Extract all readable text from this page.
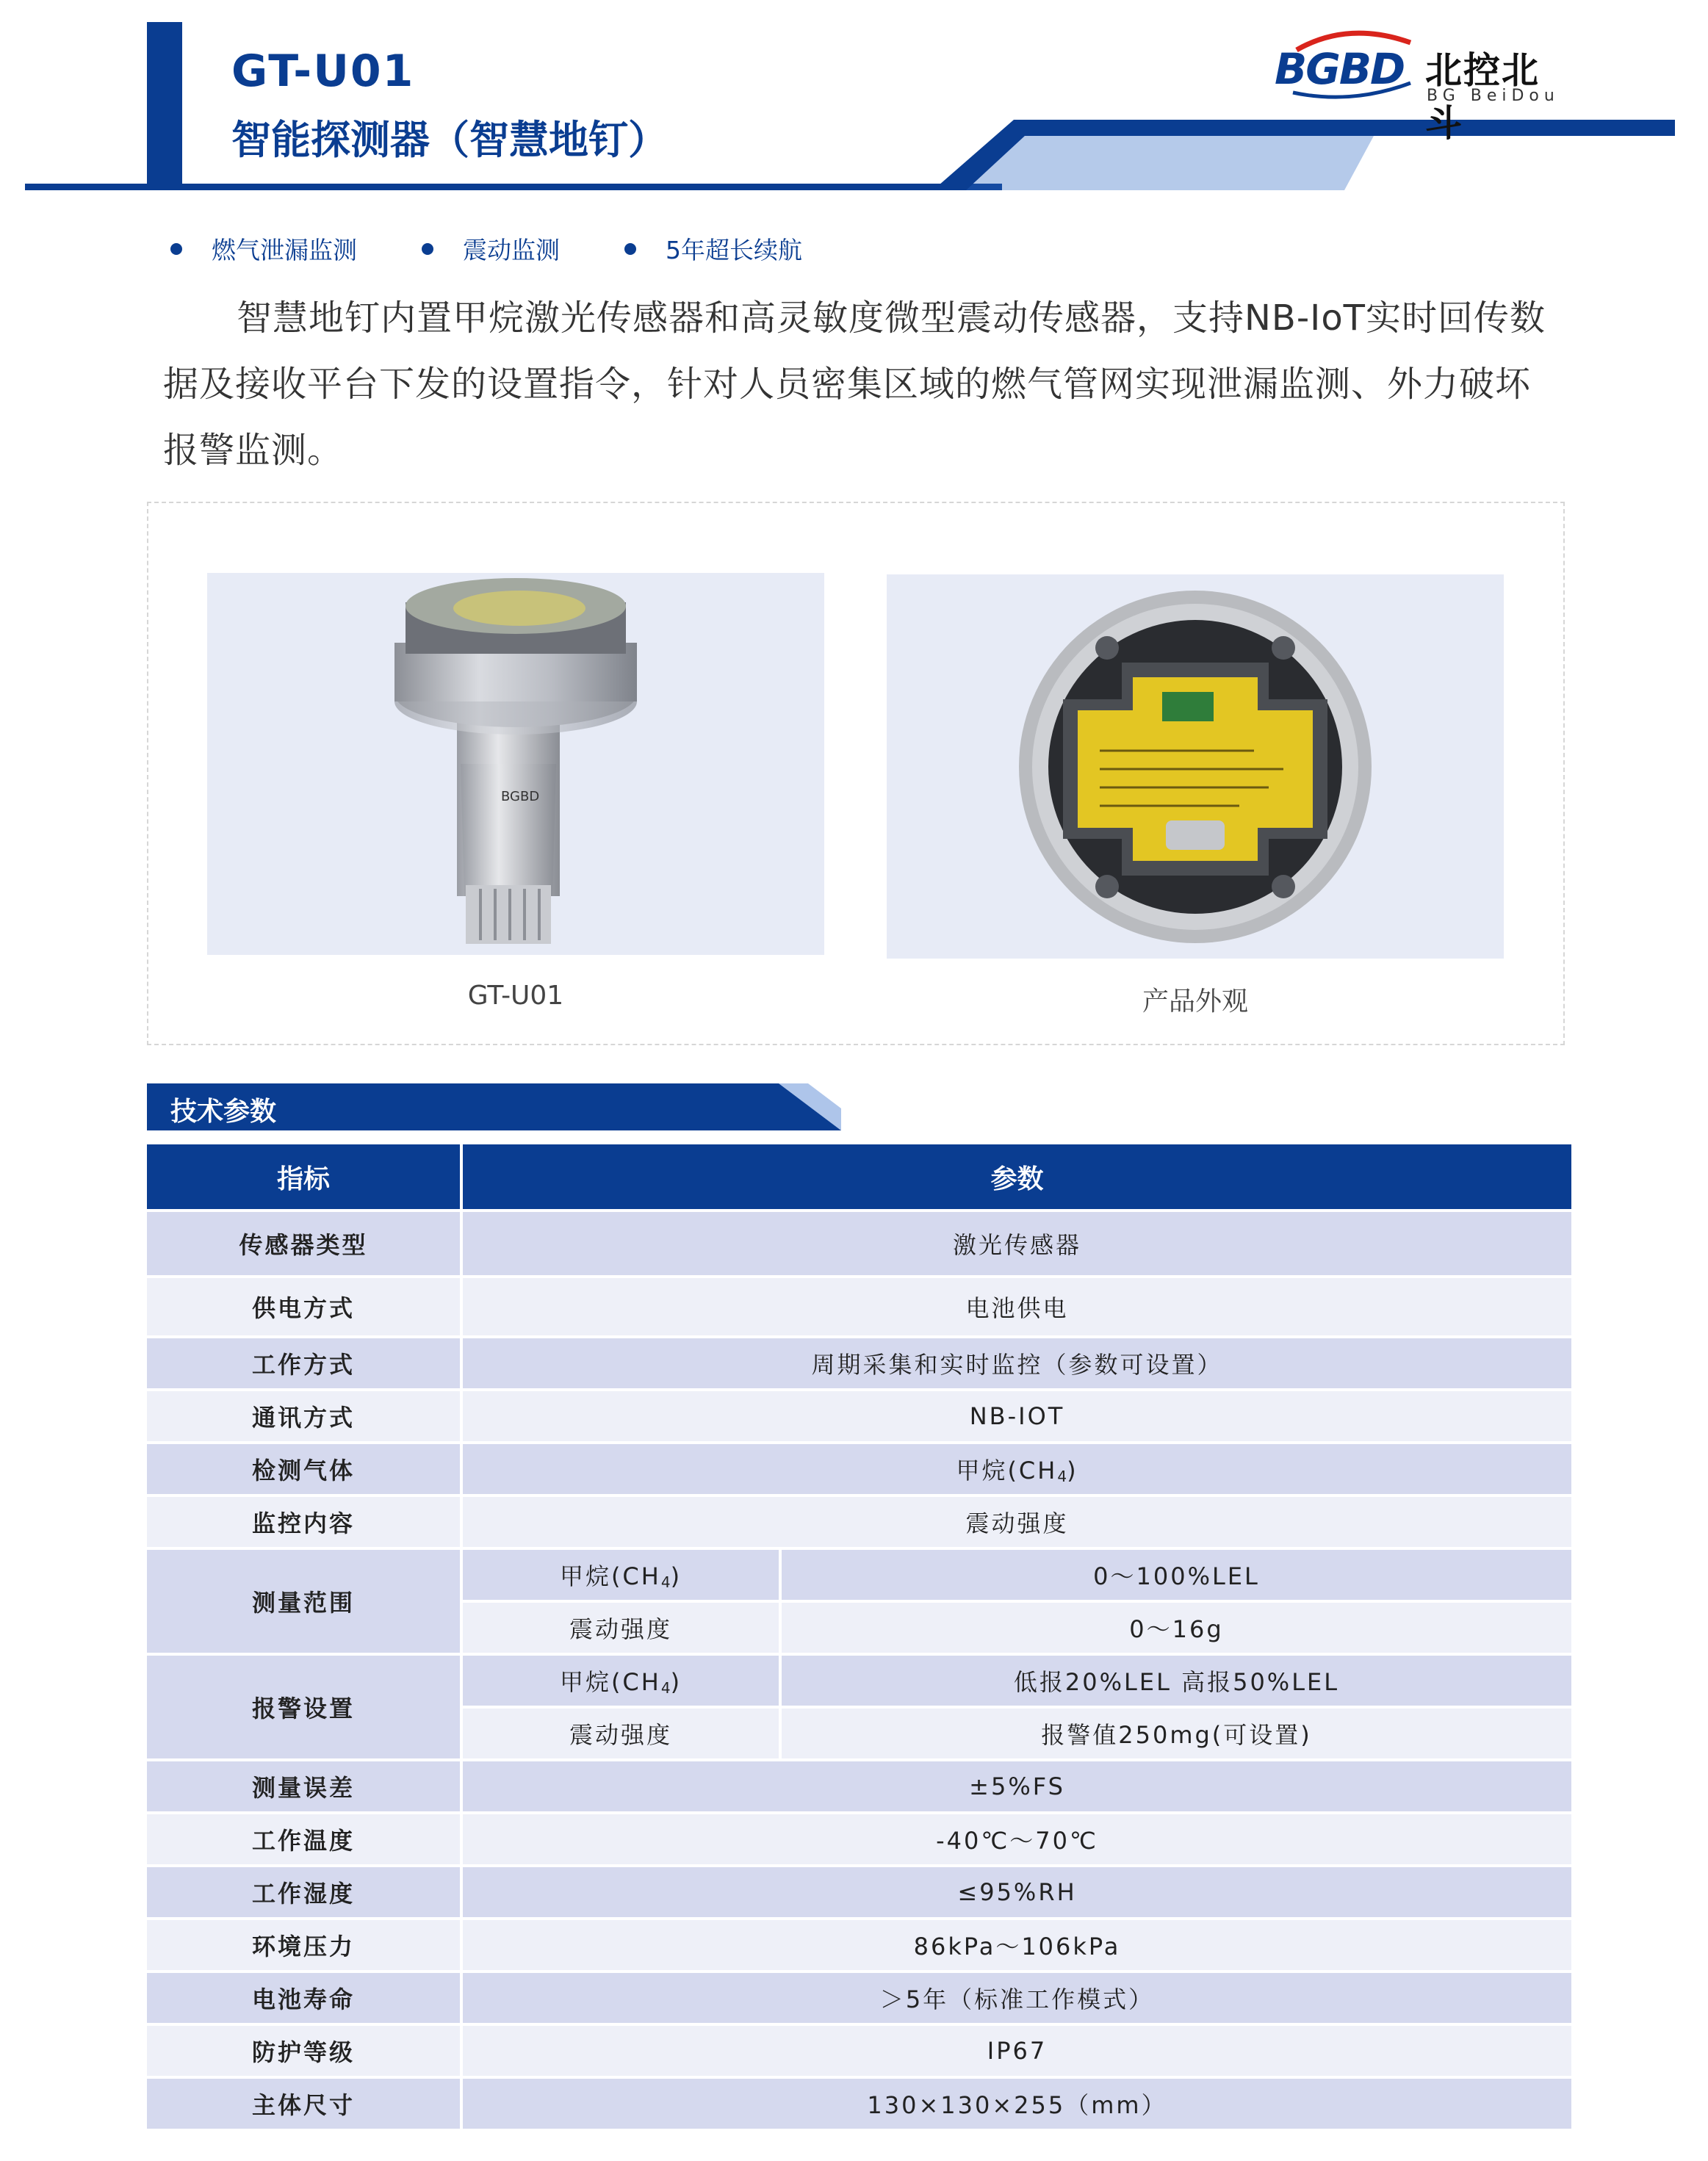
GT-U01
智能探测器（智慧地钉）
BGBD 北控北斗
BG BeiDou
燃气泄漏监测	震动监测	5年超长续航

智慧地钉内置甲烷激光传感器和高灵敏度微型震动传感器，支持NB-IoT实时回传数据及接收平台下发的设置指令，针对人员密集区域的燃气管网实现泄漏监测、外力破坏报警监测。

BGBD
GT-U01	产品外观
技术参数
指标	参数	
传感器类型	激光传感器	
供电方式	电池供电	
工作方式	周期采集和实时监控（参数可设置）	
通讯方式	NB-IOT	
检测气体	甲烷$(CH_4)$	
监控内容	震动强度	
测量范围	甲烷$(CH_4)$	0～100%LEL
	震动强度	0～16g
报警设置	甲烷$(CH_4)$	低报20%LEL 高报50%LEL
	震动强度	报警值250mg(可设置)
测量误差	±5%FS	
工作温度	-40℃～70℃	
工作湿度	≤95%RH	
环境压力	86kPa～106kPa	
电池寿命	＞5年（标准工作模式）	
防护等级	IP67	
主体尺寸	130×130×255（mm）	
